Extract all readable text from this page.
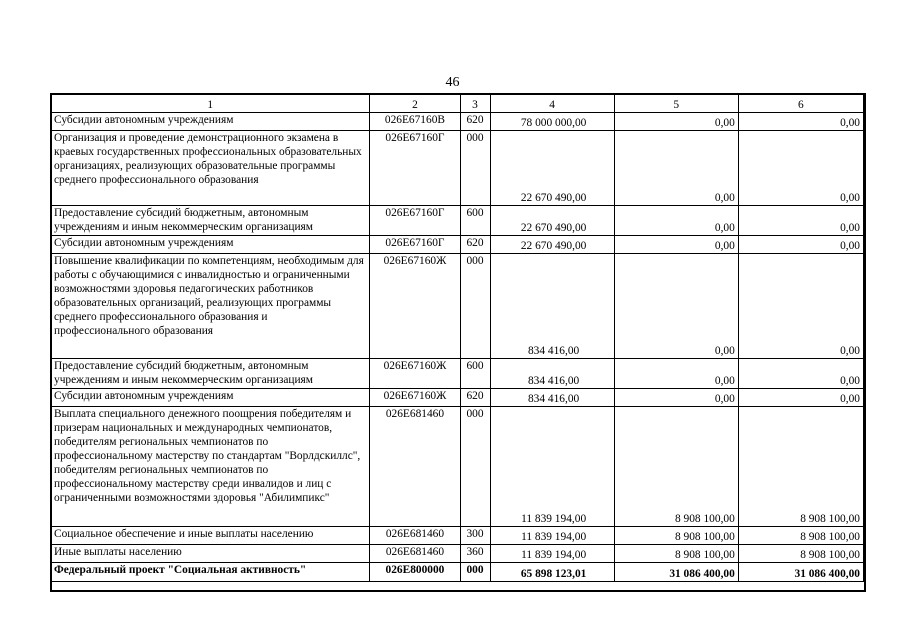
46
1	2	3	4	5	6
Субсидии автономным учреждениям	026E67160В	620	78 000 000,00	0,00	0,00
Организация и проведение демонстрационного экзамена в краевых государственных профессиональных образовательных организациях, реализующих образовательные программы среднего профессионального образования	026E67160Г	000	22 670 490,00	0,00	0,00
Предоставление субсидий бюджетным, автономным учреждениям и иным некоммерческим организациям	026E67160Г	600	22 670 490,00	0,00	0,00
Субсидии автономным учреждениям	026E67160Г	620	22 670 490,00	0,00	0,00
Повышение квалификации по компетенциям, необходимым для работы с обучающимися с инвалидностью и ограниченными возможностями здоровья педагогических работников образовательных организаций, реализующих программы среднего профессионального образования и профессионального образования	026E67160Ж	000	834 416,00	0,00	0,00
Предоставление субсидий бюджетным, автономным учреждениям и иным некоммерческим организациям	026E67160Ж	600	834 416,00	0,00	0,00
Субсидии автономным учреждениям	026E67160Ж	620	834 416,00	0,00	0,00
Выплата специального денежного поощрения победителям и призерам национальных и международных чемпионатов, победителям региональных чемпионатов по профессиональному мастерству по стандартам "Ворлдскиллс", победителям региональных чемпионатов по профессиональному мастерству среди инвалидов и лиц с ограниченными возможностями здоровья "Абилимпикс"	026E681460	000	11 839 194,00	8 908 100,00	8 908 100,00
Социальное обеспечение и иные выплаты населению	026E681460	300	11 839 194,00	8 908 100,00	8 908 100,00
Иные выплаты населению	026E681460	360	11 839 194,00	8 908 100,00	8 908 100,00
Федеральный проект "Социальная активность"	026E800000	000	65 898 123,01	31 086 400,00	31 086 400,00
